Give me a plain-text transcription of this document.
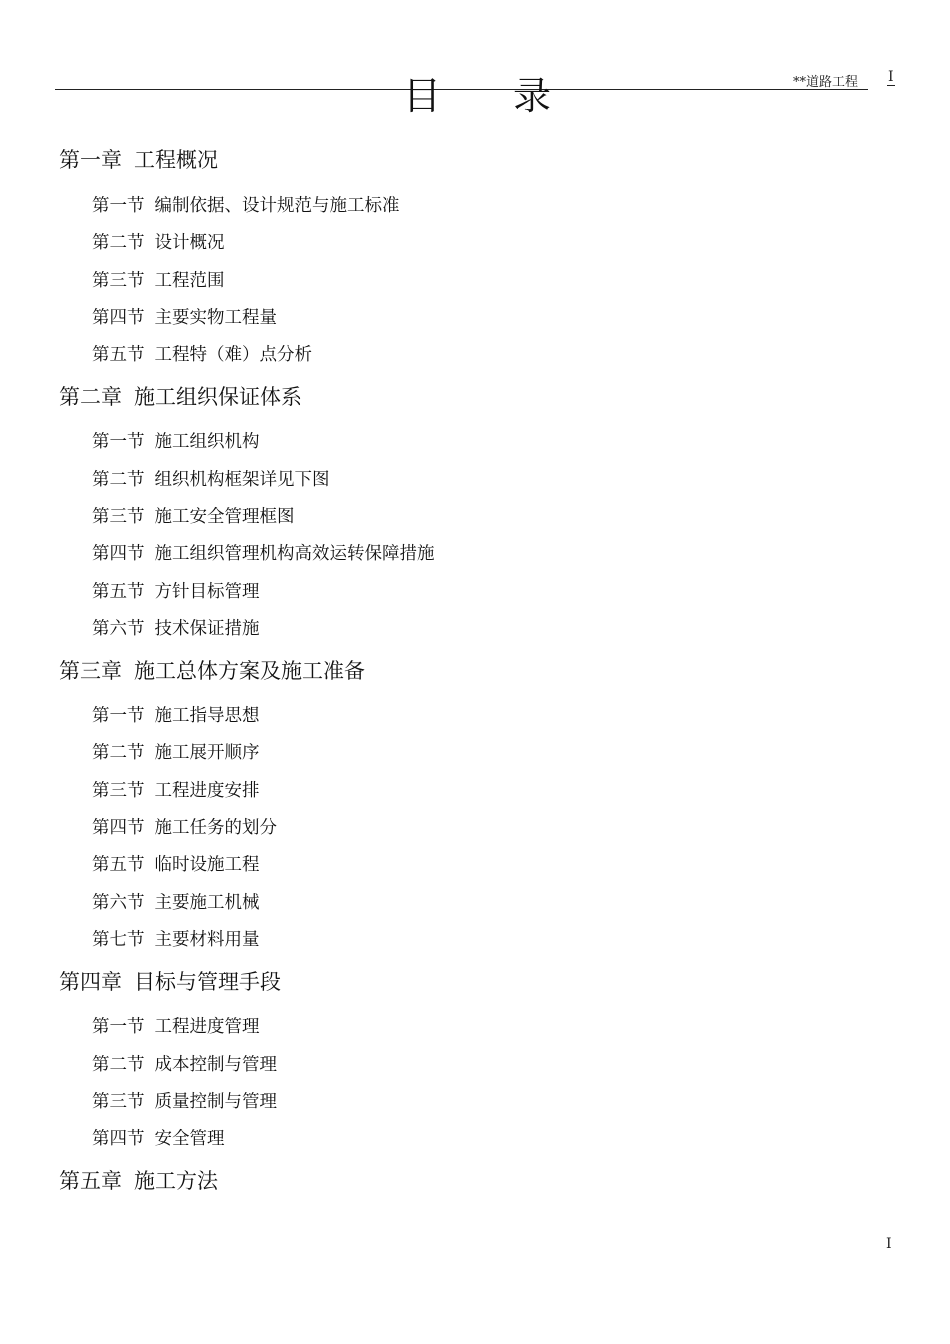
**道路工程 I
目录
第一章 工程概况
第一节 编制依据、设计规范与施工标准
第二节 设计概况
第三节 工程范围
第四节 主要实物工程量
第五节 工程特（难）点分析
第二章 施工组织保证体系
第一节 施工组织机构
第二节 组织机构框架详见下图
第三节 施工安全管理框图
第四节 施工组织管理机构高效运转保障措施
第五节 方针目标管理
第六节 技术保证措施
第三章 施工总体方案及施工准备
第一节 施工指导思想
第二节 施工展开顺序
第三节 工程进度安排
第四节 施工任务的划分
第五节 临时设施工程
第六节 主要施工机械
第七节 主要材料用量
第四章 目标与管理手段
第一节 工程进度管理
第二节 成本控制与管理
第三节 质量控制与管理
第四节 安全管理
第五章 施工方法
I
